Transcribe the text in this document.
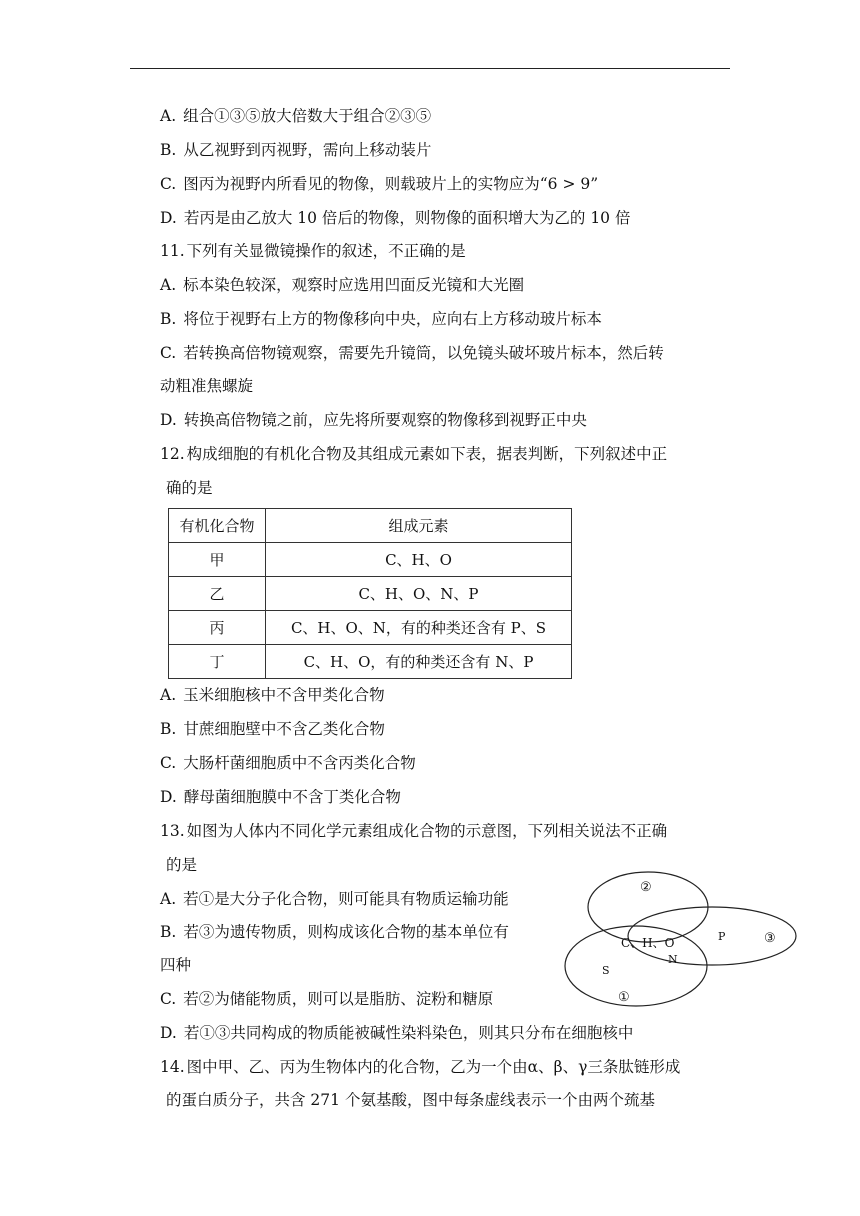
A. 组合①③⑤放大倍数大于组合②③⑤
B. 从乙视野到丙视野，需向上移动装片
C. 图丙为视野内所看见的物像，则载玻片上的实物应为“6 > 9”
D. 若丙是由乙放大 10 倍后的物像，则物像的面积增大为乙的 10 倍
11. 下列有关显微镜操作的叙述，不正确的是
A. 标本染色较深，观察时应选用凹面反光镜和大光圈
B. 将位于视野右上方的物像移向中央，应向右上方移动玻片标本
C. 若转换高倍物镜观察，需要先升镜筒，以免镜头破坏玻片标本，然后转
动粗准焦螺旋
D. 转换高倍物镜之前，应先将所要观察的物像移到视野正中央
12. 构成细胞的有机化合物及其组成元素如下表，据表判断，下列叙述中正
确的是
有机化合物	组成元素
甲	C、H、O
乙	C、H、O、N、P
丙	C、H、O、N，有的种类还含有 P、S
丁	C、H、O，有的种类还含有 N、P
A. 玉米细胞核中不含甲类化合物
B. 甘蔗细胞壁中不含乙类化合物
C. 大肠杆菌细胞质中不含丙类化合物
D. 酵母菌细胞膜中不含丁类化合物
13. 如图为人体内不同化学元素组成化合物的示意图，下列相关说法不正确
的是
A. 若①是大分子化合物，则可能具有物质运输功能
B. 若③为遗传物质，则构成该化合物的基本单位有
四种
C. 若②为储能物质，则可以是脂肪、淀粉和糖原
D. 若①③共同构成的物质能被碱性染料染色，则其只分布在细胞核中
②
③
①
C、H、O	P
N
S
14. 图中甲、乙、丙为生物体内的化合物，乙为一个由α、β、γ三条肽链形成
的蛋白质分子，共含 271 个氨基酸，图中每条虚线表示一个由两个巯基
